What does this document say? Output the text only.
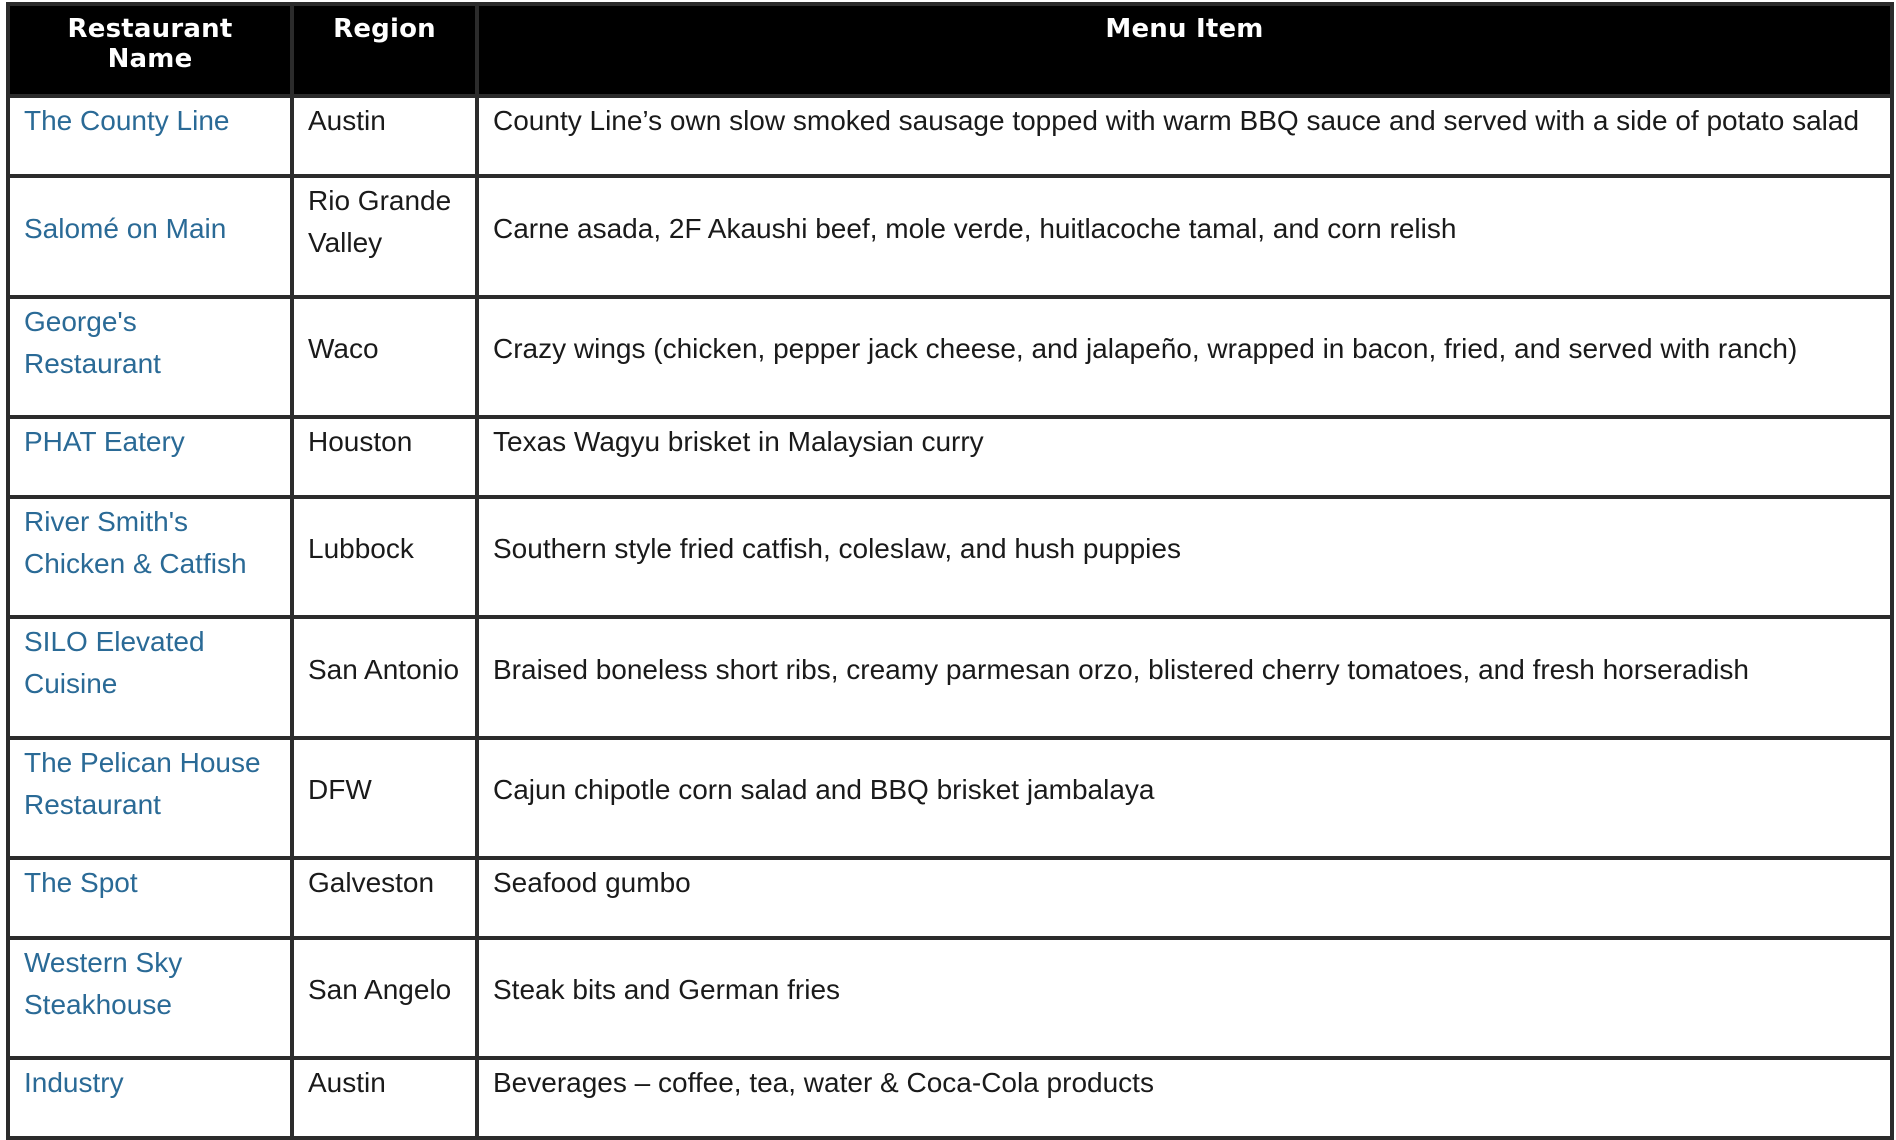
Restaurant Name	Region	Menu Item
The County Line	Austin	County Line’s own slow smoked sausage topped with warm BBQ sauce and served with a side of potato salad
Salomé on Main	Rio Grande Valley	Carne asada, 2F Akaushi beef, mole verde, huitlacoche tamal, and corn relish
George's Restaurant	Waco	Crazy wings (chicken, pepper jack cheese, and jalapeño, wrapped in bacon, fried, and served with ranch)
PHAT Eatery	Houston	Texas Wagyu brisket in Malaysian curry
River Smith's Chicken & Catfish	Lubbock	Southern style fried catfish, coleslaw, and hush puppies
SILO Elevated Cuisine	San Antonio	Braised boneless short ribs, creamy parmesan orzo, blistered cherry tomatoes, and fresh horseradish
The Pelican House Restaurant	DFW	Cajun chipotle corn salad and BBQ brisket jambalaya
The Spot	Galveston	Seafood gumbo
Western Sky Steakhouse	San Angelo	Steak bits and German fries
Industry	Austin	Beverages – coffee, tea, water & Coca-Cola products
